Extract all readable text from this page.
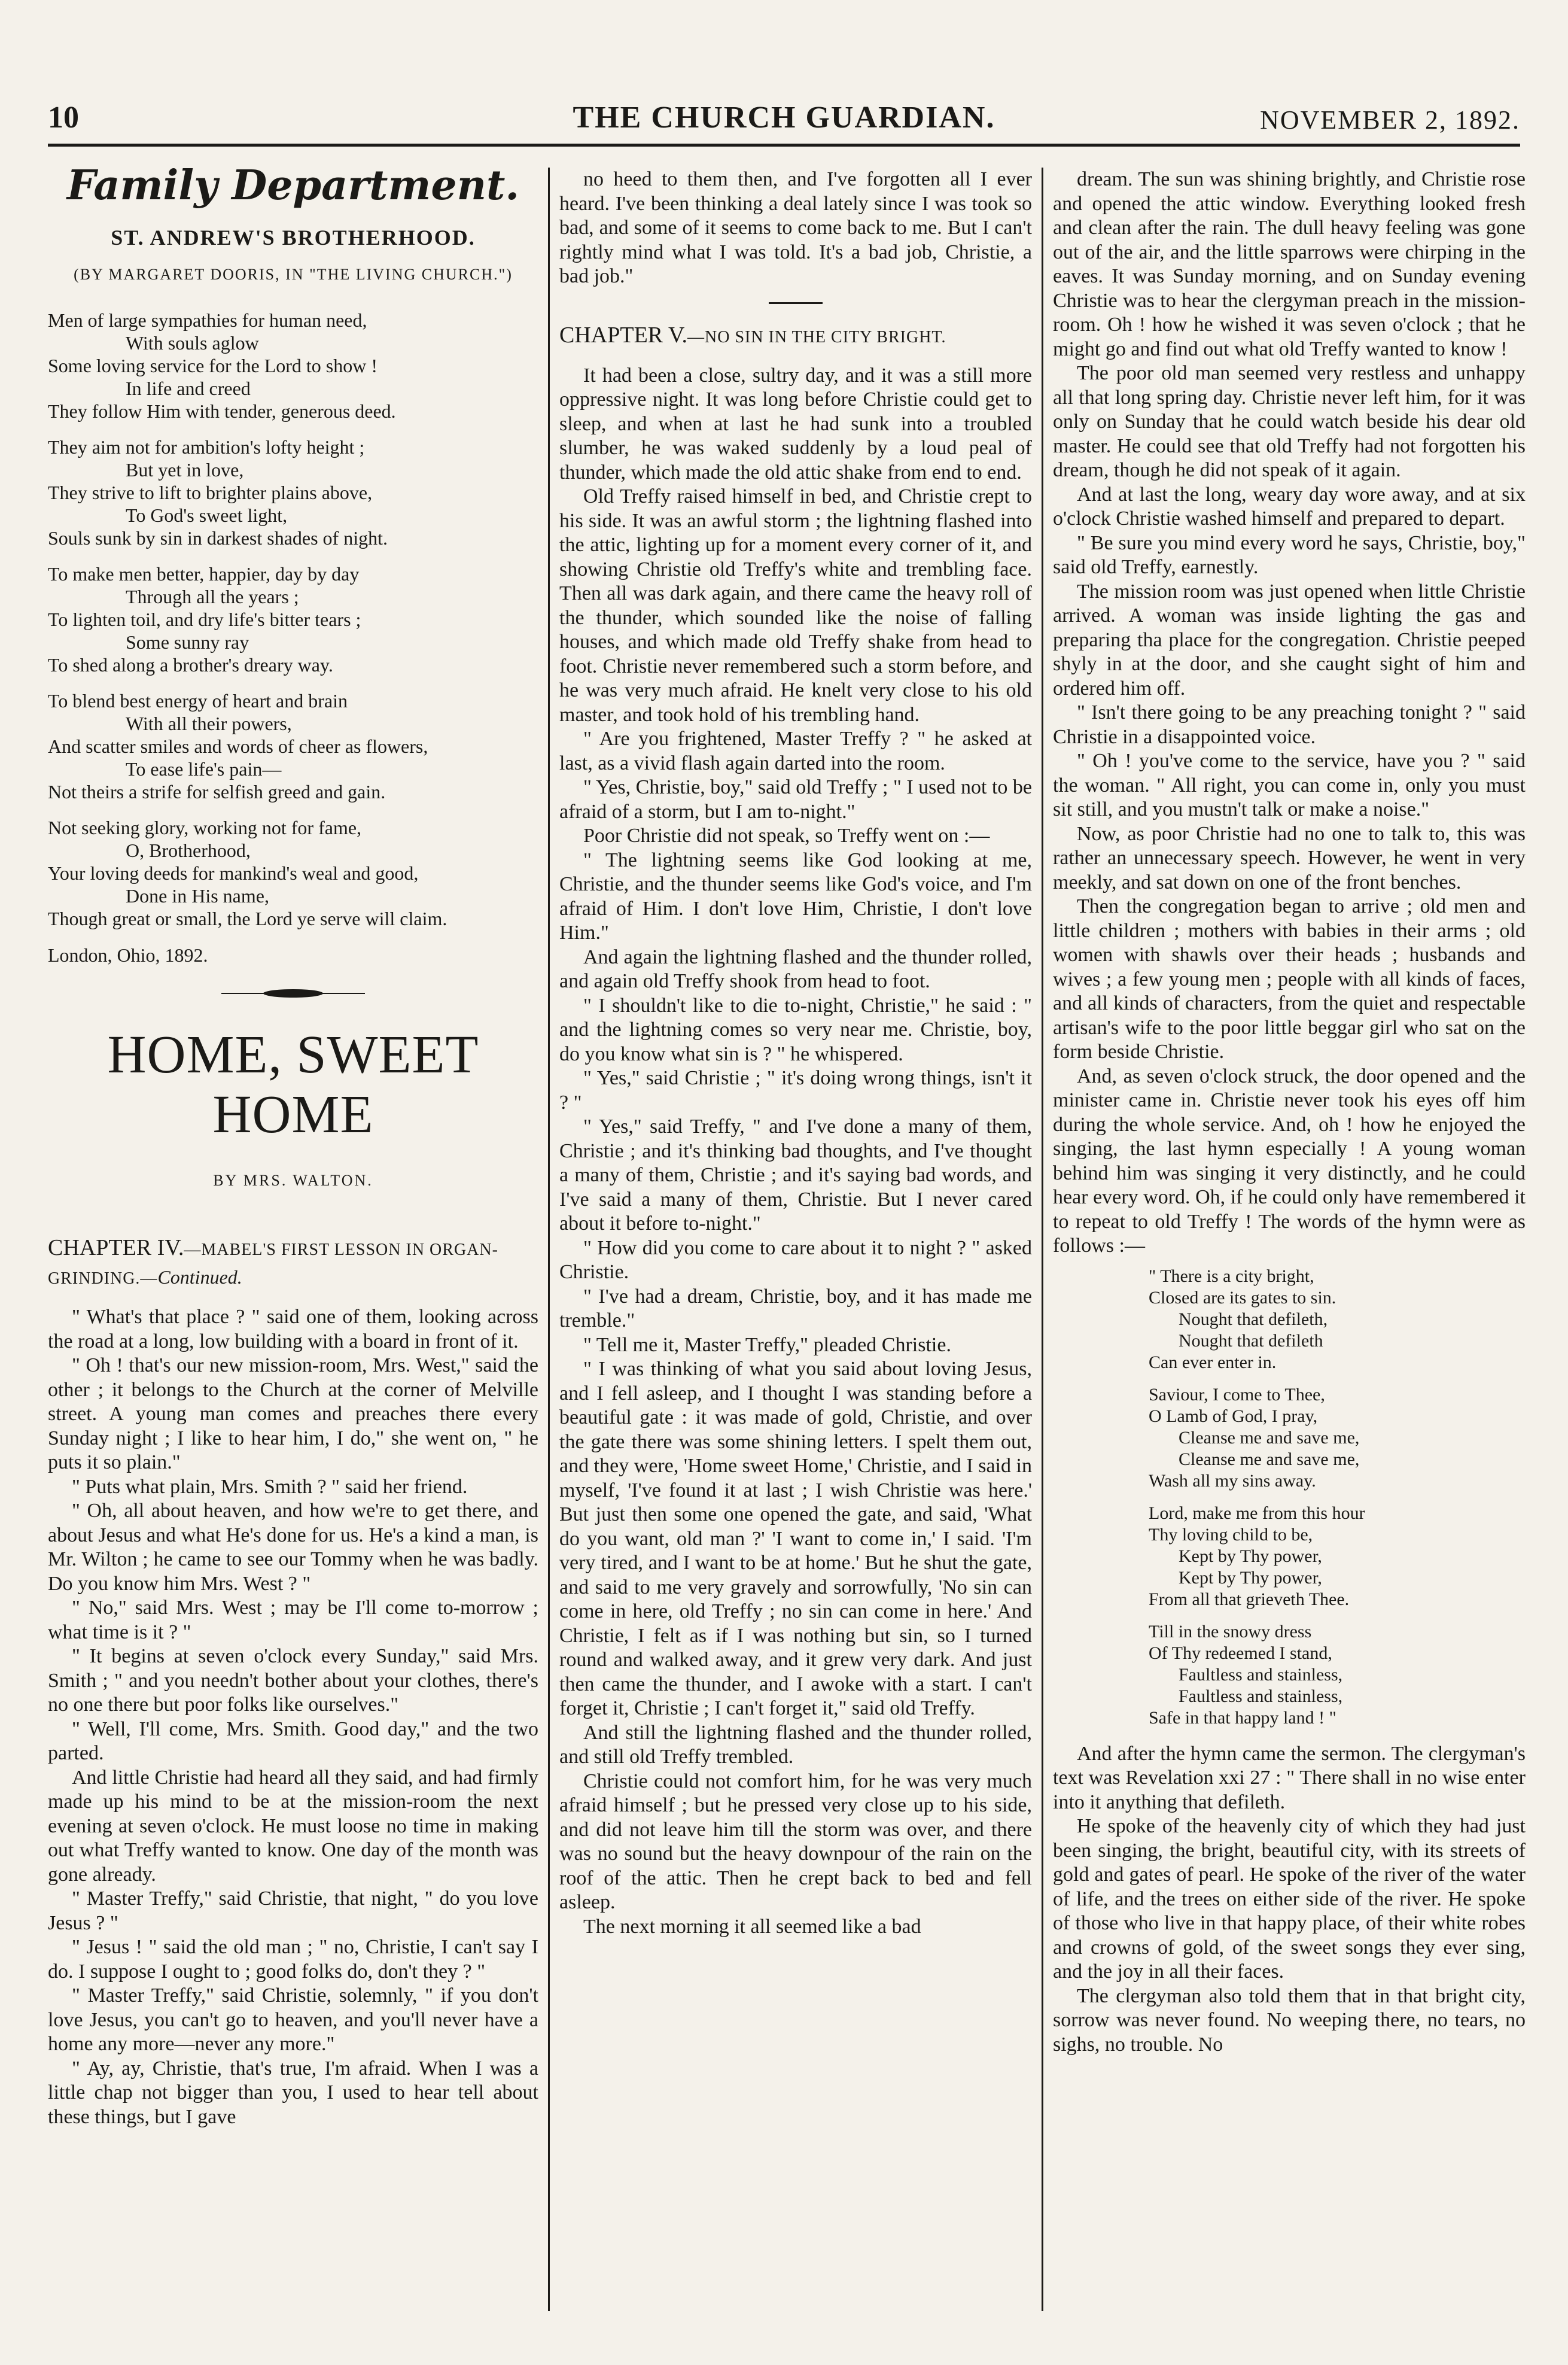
10	THE CHURCH GUARDIAN.	NOVEMBER 2, 1892.
Family Department.
ST. ANDREW'S BROTHERHOOD.
(BY MARGARET DOORIS, IN "THE LIVING CHURCH.")
Men of large sympathies for human need,
With souls aglow
Some loving service for the Lord to show !
In life and creed
They follow Him with tender, generous deed.
They aim not for ambition's lofty height ;
But yet in love,
They strive to lift to brighter plains above,
To God's sweet light,
Souls sunk by sin in darkest shades of night.
To make men better, happier, day by day
Through all the years ;
To lighten toil, and dry life's bitter tears ;
Some sunny ray
To shed along a brother's dreary way.
To blend best energy of heart and brain
With all their powers,
And scatter smiles and words of cheer as flowers,
To ease life's pain—
Not theirs a strife for selfish greed and gain.
Not seeking glory, working not for fame,
O, Brotherhood,
Your loving deeds for mankind's weal and good,
Done in His name,
Though great or small, the Lord ye serve will claim.
London, Ohio, 1892.
HOME, SWEET HOME
BY MRS. WALTON.
CHAPTER IV.—MABEL'S FIRST LESSON IN ORGAN-GRINDING.—Continued.

" What's that place ? " said one of them, looking across the road at a long, low building with a board in front of it.

" Oh ! that's our new mission-room, Mrs. West," said the other ; it belongs to the Church at the corner of Melville street. A young man comes and preaches there every Sunday night ; I like to hear him, I do," she went on, " he puts it so plain."

" Puts what plain, Mrs. Smith ? " said her friend.

" Oh, all about heaven, and how we're to get there, and about Jesus and what He's done for us. He's a kind a man, is Mr. Wilton ; he came to see our Tommy when he was badly. Do you know him Mrs. West ? "

" No," said Mrs. West ; may be I'll come to-morrow ; what time is it ? "

" It begins at seven o'clock every Sunday," said Mrs. Smith ; " and you needn't bother about your clothes, there's no one there but poor folks like ourselves."

" Well, I'll come, Mrs. Smith. Good day," and the two parted.

And little Christie had heard all they said, and had firmly made up his mind to be at the mission-room the next evening at seven o'clock. He must loose no time in making out what Treffy wanted to know. One day of the month was gone already.

" Master Treffy," said Christie, that night, " do you love Jesus ? "

" Jesus ! " said the old man ; " no, Christie, I can't say I do. I suppose I ought to ; good folks do, don't they ? "

" Master Treffy," said Christie, solemnly, " if you don't love Jesus, you can't go to heaven, and you'll never have a home any more—never any more."

" Ay, ay, Christie, that's true, I'm afraid. When I was a little chap not bigger than you, I used to hear tell about these things, but I gave

no heed to them then, and I've forgotten all I ever heard. I've been thinking a deal lately since I was took so bad, and some of it seems to come back to me. But I can't rightly mind what I was told. It's a bad job, Christie, a bad job."

CHAPTER V.—NO SIN IN THE CITY BRIGHT.

It had been a close, sultry day, and it was a still more oppressive night. It was long before Christie could get to sleep, and when at last he had sunk into a troubled slumber, he was waked suddenly by a loud peal of thunder, which made the old attic shake from end to end.

Old Treffy raised himself in bed, and Christie crept to his side. It was an awful storm ; the lightning flashed into the attic, lighting up for a moment every corner of it, and showing Christie old Treffy's white and trembling face. Then all was dark again, and there came the heavy roll of the thunder, which sounded like the noise of falling houses, and which made old Treffy shake from head to foot. Christie never remembered such a storm before, and he was very much afraid. He knelt very close to his old master, and took hold of his trembling hand.

" Are you frightened, Master Treffy ? " he asked at last, as a vivid flash again darted into the room.

" Yes, Christie, boy," said old Treffy ; " I used not to be afraid of a storm, but I am to-night."

Poor Christie did not speak, so Treffy went on :—

" The lightning seems like God looking at me, Christie, and the thunder seems like God's voice, and I'm afraid of Him. I don't love Him, Christie, I don't love Him."

And again the lightning flashed and the thunder rolled, and again old Treffy shook from head to foot.

" I shouldn't like to die to-night, Christie," he said : " and the lightning comes so very near me. Christie, boy, do you know what sin is ? " he whispered.

" Yes," said Christie ; " it's doing wrong things, isn't it ? "

" Yes," said Treffy, " and I've done a many of them, Christie ; and it's thinking bad thoughts, and I've thought a many of them, Christie ; and it's saying bad words, and I've said a many of them, Christie. But I never cared about it before to-night."

" How did you come to care about it to night ? " asked Christie.

" I've had a dream, Christie, boy, and it has made me tremble."

" Tell me it, Master Treffy," pleaded Christie.

" I was thinking of what you said about loving Jesus, and I fell asleep, and I thought I was standing before a beautiful gate : it was made of gold, Christie, and over the gate there was some shining letters. I spelt them out, and they were, 'Home sweet Home,' Christie, and I said in myself, 'I've found it at last ; I wish Christie was here.' But just then some one opened the gate, and said, 'What do you want, old man ?' 'I want to come in,' I said. 'I'm very tired, and I want to be at home.' But he shut the gate, and said to me very gravely and sorrowfully, 'No sin can come in here, old Treffy ; no sin can come in here.' And Christie, I felt as if I was nothing but sin, so I turned round and walked away, and it grew very dark. And just then came the thunder, and I awoke with a start. I can't forget it, Christie ; I can't forget it," said old Treffy.

And still the lightning flashed and the thunder rolled, and still old Treffy trembled.

Christie could not comfort him, for he was very much afraid himself ; but he pressed very close up to his side, and did not leave him till the storm was over, and there was no sound but the heavy downpour of the rain on the roof of the attic. Then he crept back to bed and fell asleep.

The next morning it all seemed like a bad

dream. The sun was shining brightly, and Christie rose and opened the attic window. Everything looked fresh and clean after the rain. The dull heavy feeling was gone out of the air, and the little sparrows were chirping in the eaves. It was Sunday morning, and on Sunday evening Christie was to hear the clergyman preach in the mission-room. Oh ! how he wished it was seven o'clock ; that he might go and find out what old Treffy wanted to know !

The poor old man seemed very restless and unhappy all that long spring day. Christie never left him, for it was only on Sunday that he could watch beside his dear old master. He could see that old Treffy had not forgotten his dream, though he did not speak of it again.

And at last the long, weary day wore away, and at six o'clock Christie washed himself and prepared to depart.

" Be sure you mind every word he says, Christie, boy," said old Treffy, earnestly.

The mission room was just opened when little Christie arrived. A woman was inside lighting the gas and preparing tha place for the congregation. Christie peeped shyly in at the door, and she caught sight of him and ordered him off.

" Isn't there going to be any preaching tonight ? " said Christie in a disappointed voice.

" Oh ! you've come to the service, have you ? " said the woman. " All right, you can come in, only you must sit still, and you mustn't talk or make a noise."

Now, as poor Christie had no one to talk to, this was rather an unnecessary speech. However, he went in very meekly, and sat down on one of the front benches.

Then the congregation began to arrive ; old men and little children ; mothers with babies in their arms ; old women with shawls over their heads ; husbands and wives ; a few young men ; people with all kinds of faces, and all kinds of characters, from the quiet and respectable artisan's wife to the poor little beggar girl who sat on the form beside Christie.

And, as seven o'clock struck, the door opened and the minister came in. Christie never took his eyes off him during the whole service. And, oh ! how he enjoyed the singing, the last hymn especially ! A young woman behind him was singing it very distinctly, and he could hear every word. Oh, if he could only have remembered it to repeat to old Treffy ! The words of the hymn were as follows :—

" There is a city bright,
Closed are its gates to sin.
Nought that defileth,
Nought that defileth
Can ever enter in.
Saviour, I come to Thee,
O Lamb of God, I pray,
Cleanse me and save me,
Cleanse me and save me,
Wash all my sins away.
Lord, make me from this hour
Thy loving child to be,
Kept by Thy power,
Kept by Thy power,
From all that grieveth Thee.
Till in the snowy dress
Of Thy redeemed I stand,
Faultless and stainless,
Faultless and stainless,
Safe in that happy land ! "

And after the hymn came the sermon. The clergyman's text was Revelation xxi 27 : " There shall in no wise enter into it anything that defileth.

He spoke of the heavenly city of which they had just been singing, the bright, beautiful city, with its streets of gold and gates of pearl. He spoke of the river of the water of life, and the trees on either side of the river. He spoke of those who live in that happy place, of their white robes and crowns of gold, of the sweet songs they ever sing, and the joy in all their faces.

The clergyman also told them that in that bright city, sorrow was never found. No weeping there, no tears, no sighs, no trouble. No
